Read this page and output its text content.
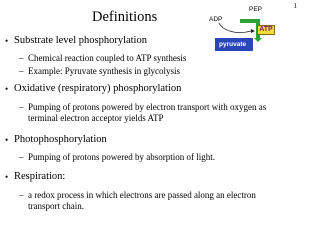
1
Definitions	PEP
ADP
ATP
pyruvate
• Substrate level phosphorylation
– Chemical reaction coupled to ATP synthesis
– Example: Pyruvate synthesis in glycolysis
• Oxidative (respiratory) phosphorylation
– Pumping of protons powered by electron transport with oxygen as terminal electron acceptor yields ATP
• Photophosphorylation
– Pumping of protons powered by absorption of light.
• Respiration:
– a redox process in which electrons are passed along an electron transport chain.
